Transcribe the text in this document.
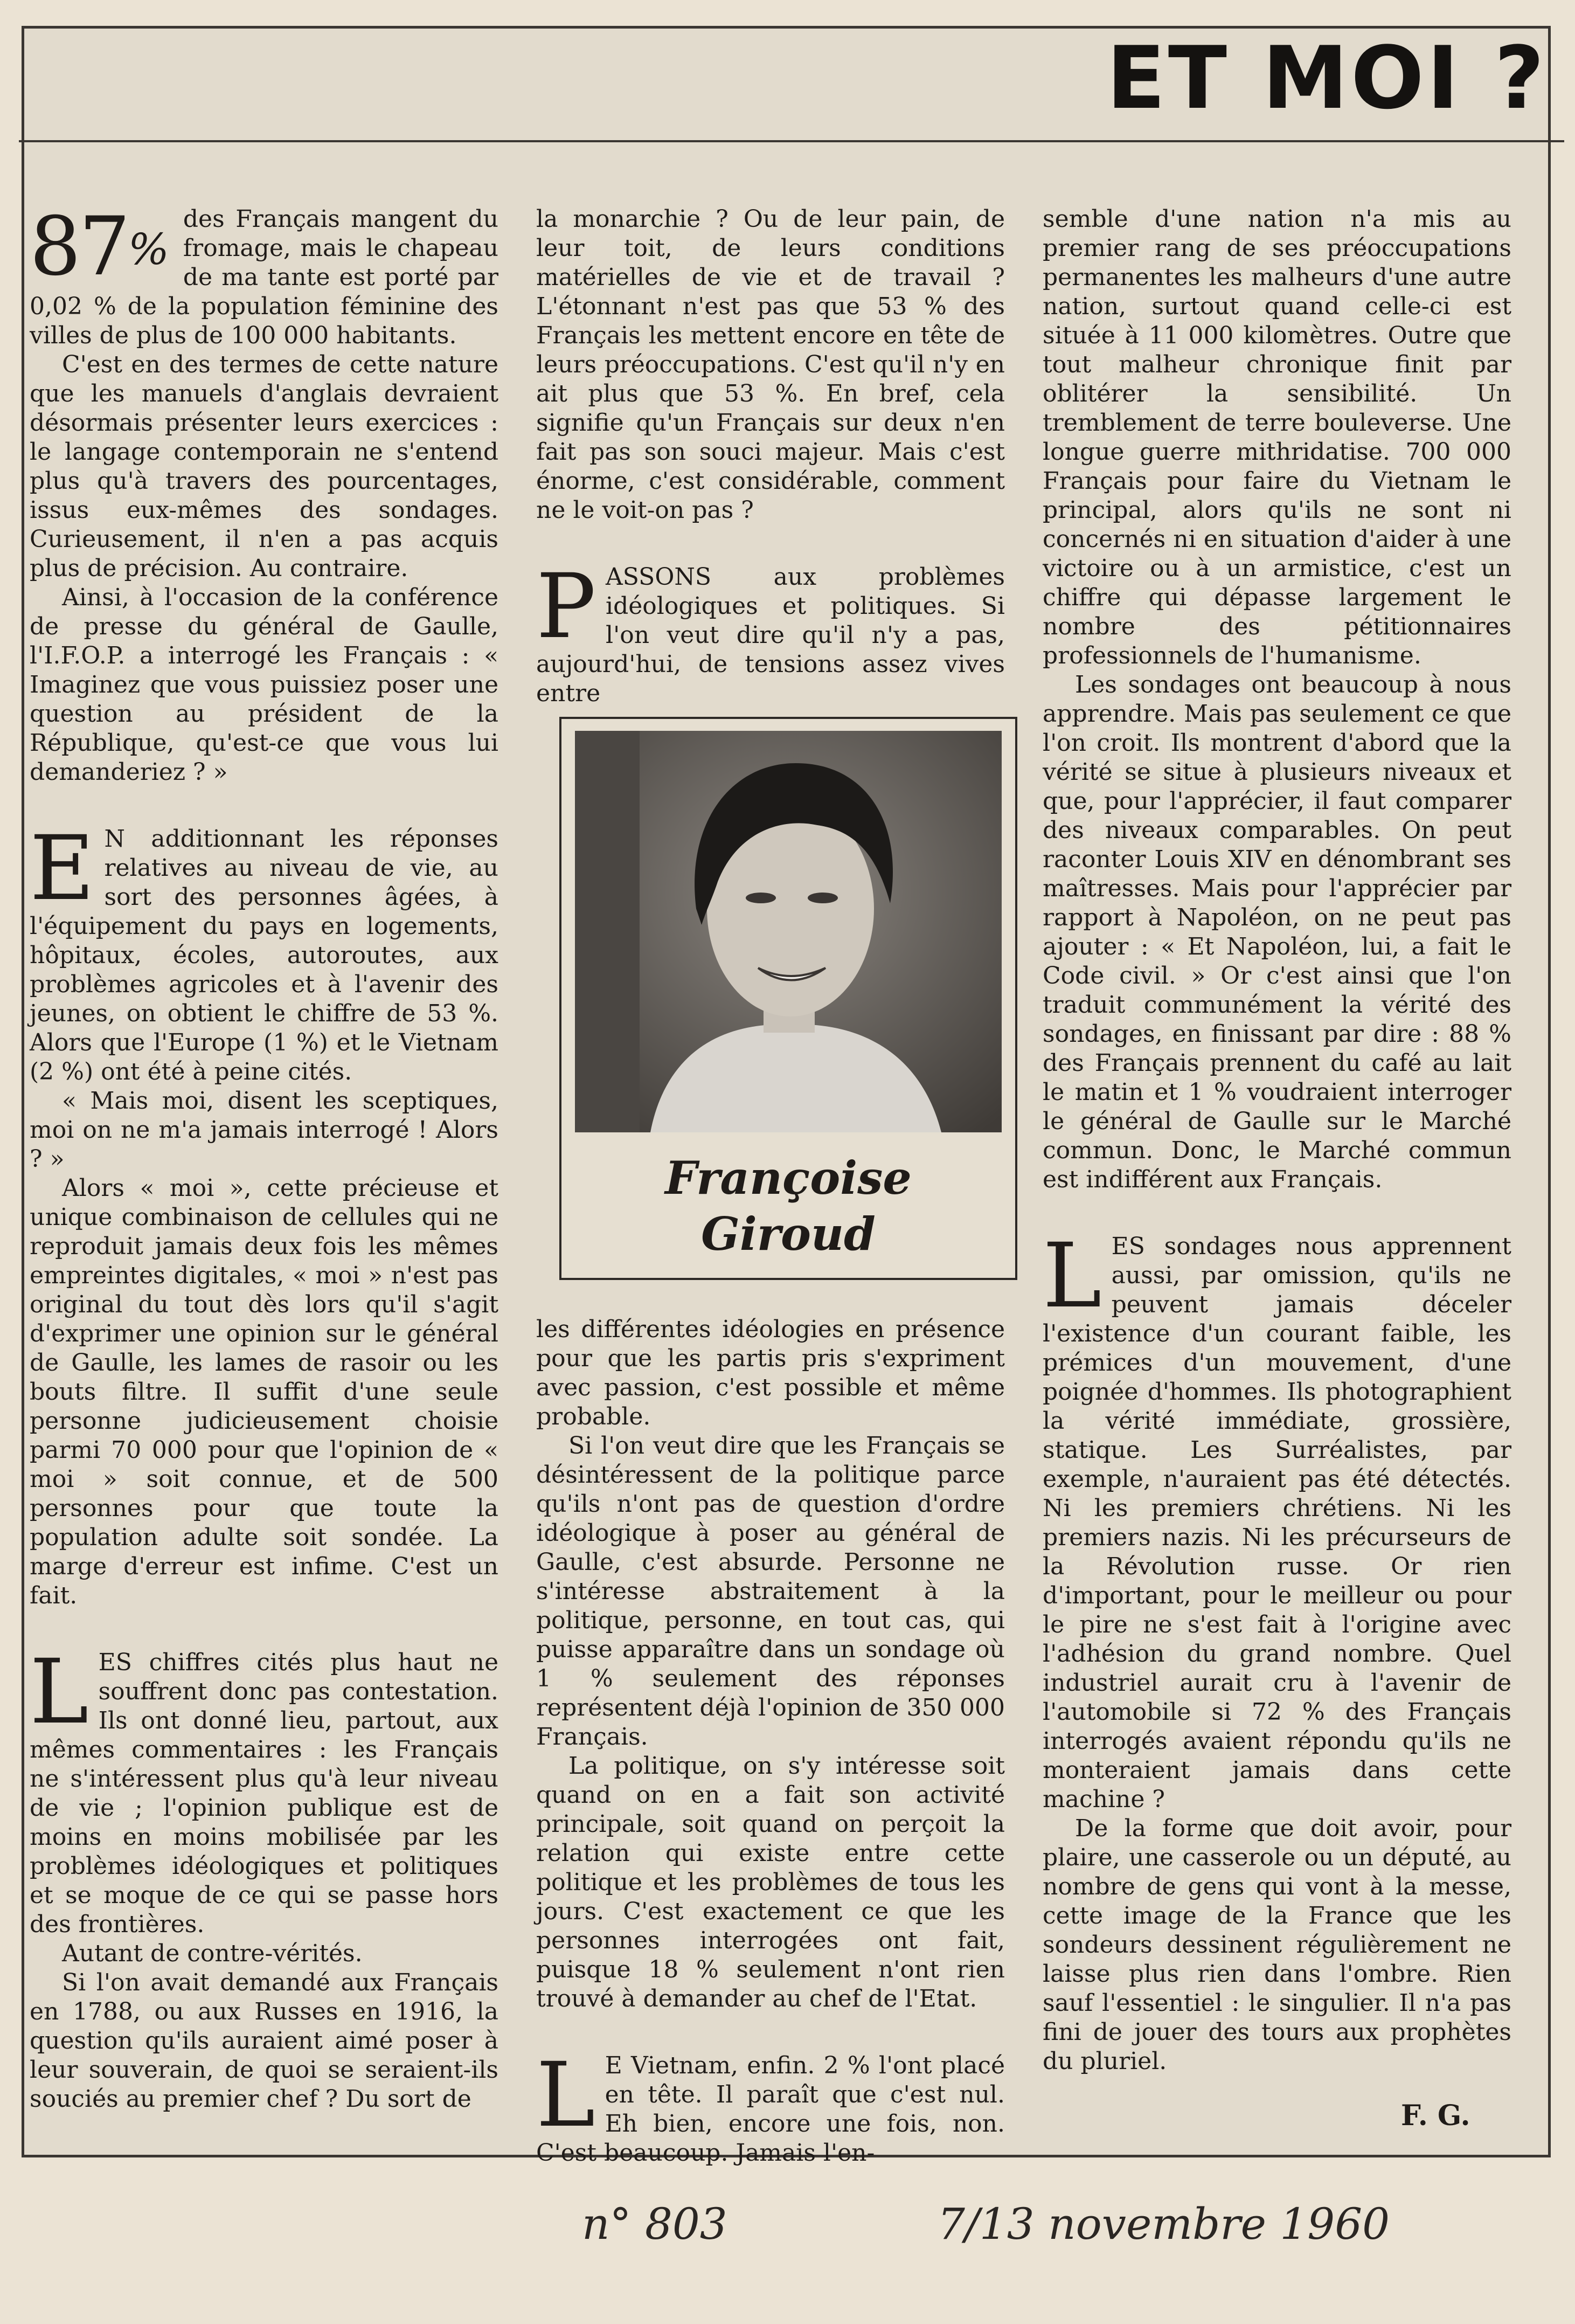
ET MOI ?

87%
des Français mangent du fromage, mais le chapeau de ma tante est porté par 0,02 % de la population féminine des villes de plus de 100 000 habitants.

C'est en des termes de cette nature que les manuels d'anglais devraient désormais présenter leurs exercices : le langage contemporain ne s'entend plus qu'à travers des pourcentages, issus eux-mêmes des sondages. Curieusement, il n'en a pas acquis plus de précision. Au contraire.

Ainsi, à l'occasion de la conférence de presse du général de Gaulle, l'I.F.O.P. a interrogé les Français : « Imaginez que vous puissiez poser une question au président de la République, qu'est-ce que vous lui demanderiez ? »

E N additionnant les réponses relatives au niveau de vie, au sort des personnes âgées, à l'équipement du pays en logements, hôpitaux, écoles, autoroutes, aux problèmes agricoles et à l'avenir des jeunes, on obtient le chiffre de 53 %. Alors que l'Europe (1 %) et le Vietnam (2 %) ont été à peine cités.

« Mais moi, disent les sceptiques, moi on ne m'a jamais interrogé ! Alors ? »

Alors « moi », cette précieuse et unique combinaison de cellules qui ne reproduit jamais deux fois les mêmes empreintes digitales, « moi » n'est pas original du tout dès lors qu'il s'agit d'exprimer une opinion sur le général de Gaulle, les lames de rasoir ou les bouts filtre. Il suffit d'une seule personne judicieusement choisie parmi 70 000 pour que l'opinion de « moi » soit connue, et de 500 personnes pour que toute la population adulte soit sondée. La marge d'erreur est infime. C'est un fait.

LES chiffres cités plus haut ne souffrent donc pas contestation. Ils ont donné lieu, partout, aux mêmes commentaires : les Français ne s'intéressent plus qu'à leur niveau de vie ; l'opinion publique est de moins en moins mobilisée par les problèmes idéologiques et politiques et se moque de ce qui se passe hors des frontières.

Autant de contre-vérités.

Si l'on avait demandé aux Français en 1788, ou aux Russes en 1916, la question qu'ils auraient aimé poser à leur souverain, de quoi se seraient-ils souciés au premier chef ? Du sort de

la monarchie ? Ou de leur pain, de leur toit, de leurs conditions matérielles de vie et de travail ? L'étonnant n'est pas que 53 % des Français les mettent encore en tête de leurs préoccupations. C'est qu'il n'y en ait plus que 53 %. En bref, cela signifie qu'un Français sur deux n'en fait pas son souci majeur. Mais c'est énorme, c'est considérable, comment ne le voit-on pas ?

PASSONS aux problèmes idéologiques et politiques. Si l'on veut dire qu'il n'y a pas, aujourd'hui, de tensions assez vives entre

Françoise
Giroud

les différentes idéologies en présence pour que les partis pris s'expriment avec passion, c'est possible et même probable.

Si l'on veut dire que les Français se désintéressent de la politique parce qu'ils n'ont pas de question d'ordre idéologique à poser au général de Gaulle, c'est absurde. Personne ne s'intéresse abstraitement à la politique, personne, en tout cas, qui puisse apparaître dans un sondage où 1 % seulement des réponses représentent déjà l'opinion de 350 000 Français.

La politique, on s'y intéresse soit quand on en a fait son activité principale, soit quand on perçoit la relation qui existe entre cette politique et les problèmes de tous les jours. C'est exactement ce que les personnes interrogées ont fait, puisque 18 % seulement n'ont rien trouvé à demander au chef de l'Etat.

L E Vietnam, enfin. 2 % l'ont placé en tête. Il paraît que c'est nul. Eh bien, encore une fois, non. C'est beaucoup. Jamais l'en-

semble d'une nation n'a mis au premier rang de ses préoccupations permanentes les malheurs d'une autre nation, surtout quand celle-ci est située à 11 000 kilomètres. Outre que tout malheur chronique finit par oblitérer la sensibilité. Un tremblement de terre bouleverse. Une longue guerre mithridatise. 700 000 Français pour faire du Vietnam le principal, alors qu'ils ne sont ni concernés ni en situation d'aider à une victoire ou à un armistice, c'est un chiffre qui dépasse largement le nombre des pétitionnaires professionnels de l'humanisme.

Les sondages ont beaucoup à nous apprendre. Mais pas seulement ce que l'on croit. Ils montrent d'abord que la vérité se situe à plusieurs niveaux et que, pour l'apprécier, il faut comparer des niveaux comparables. On peut raconter Louis XIV en dénombrant ses maîtresses. Mais pour l'apprécier par rapport à Napoléon, on ne peut pas ajouter : « Et Napoléon, lui, a fait le Code civil. » Or c'est ainsi que l'on traduit communément la vérité des sondages, en finissant par dire : 88 % des Français prennent du café au lait le matin et 1 % voudraient interroger le général de Gaulle sur le Marché commun. Donc, le Marché commun est indifférent aux Français.

LES sondages nous apprennent aussi, par omission, qu'ils ne peuvent jamais déceler l'existence d'un courant faible, les prémices d'un mouvement, d'une poignée d'hommes. Ils photographient la vérité immédiate, grossière, statique. Les Surréalistes, par exemple, n'auraient pas été détectés. Ni les premiers chrétiens. Ni les premiers nazis. Ni les précurseurs de la Révolution russe. Or rien d'important, pour le meilleur ou pour le pire ne s'est fait à l'origine avec l'adhésion du grand nombre. Quel industriel aurait cru à l'avenir de l'automobile si 72 % des Français interrogés avaient répondu qu'ils ne monteraient jamais dans cette machine ?

De la forme que doit avoir, pour plaire, une casserole ou un député, au nombre de gens qui vont à la messe, cette image de la France que les sondeurs dessinent régulièrement ne laisse plus rien dans l'ombre. Rien sauf l'essentiel : le singulier. Il n'a pas fini de jouer des tours aux prophètes du pluriel.

F. G.
n° 803	7/13 novembre 1960
